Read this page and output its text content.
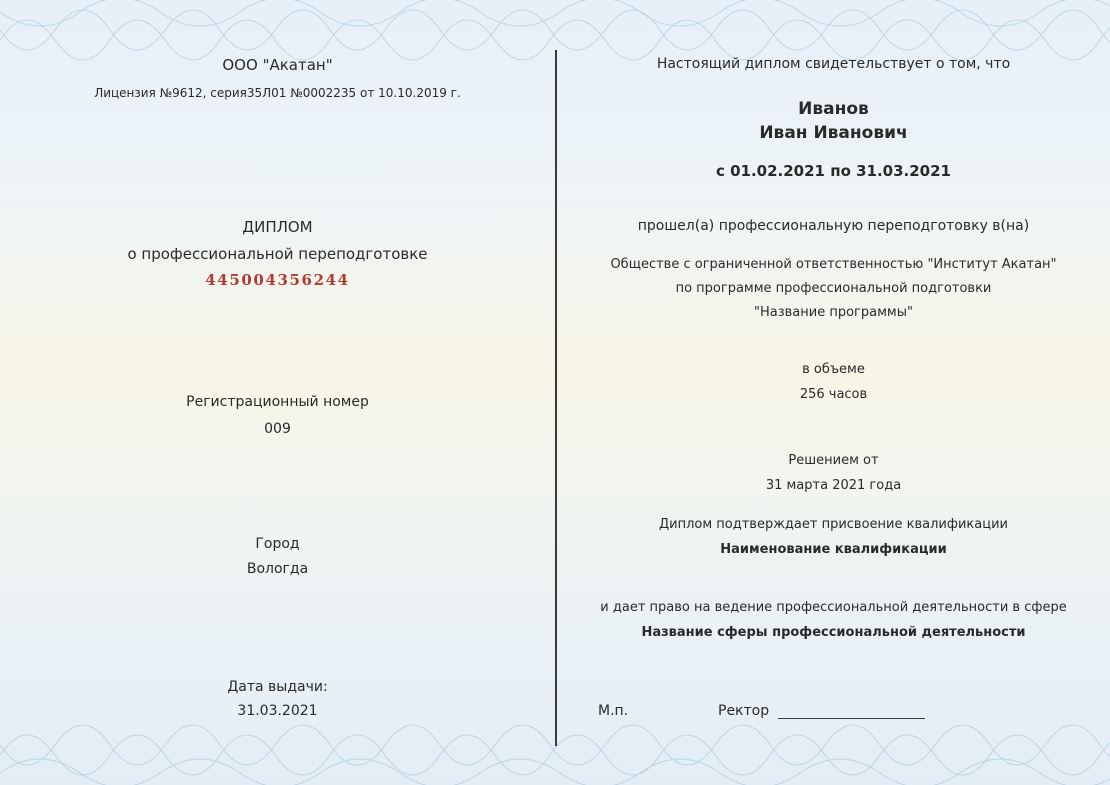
ООО "Акатан"
Лицензия №9612, серия35Л01 №0002235 от 10.10.2019 г.
ДИПЛОМ
о профессиональной переподготовке
445004356244
Регистрационный номер
009
Город
Вологда
Дата выдачи:
31.03.2021
Настоящий диплом свидетельствует о том, что
Иванов
Иван Иванович
с 01.02.2021 по 31.03.2021
прошел(а) профессиональную переподготовку в(на)
Обществе с ограниченной ответственностью "Институт Акатан"
по программе профессиональной подготовки
"Название программы"
в объеме
256 часов
Решением от
31 марта 2021 года
Диплом подтверждает присвоение квалификации
Наименование квалификации
и дает право на ведение профессиональной деятельности в сфере
Название сферы профессиональной деятельности
М.п.	Ректор
